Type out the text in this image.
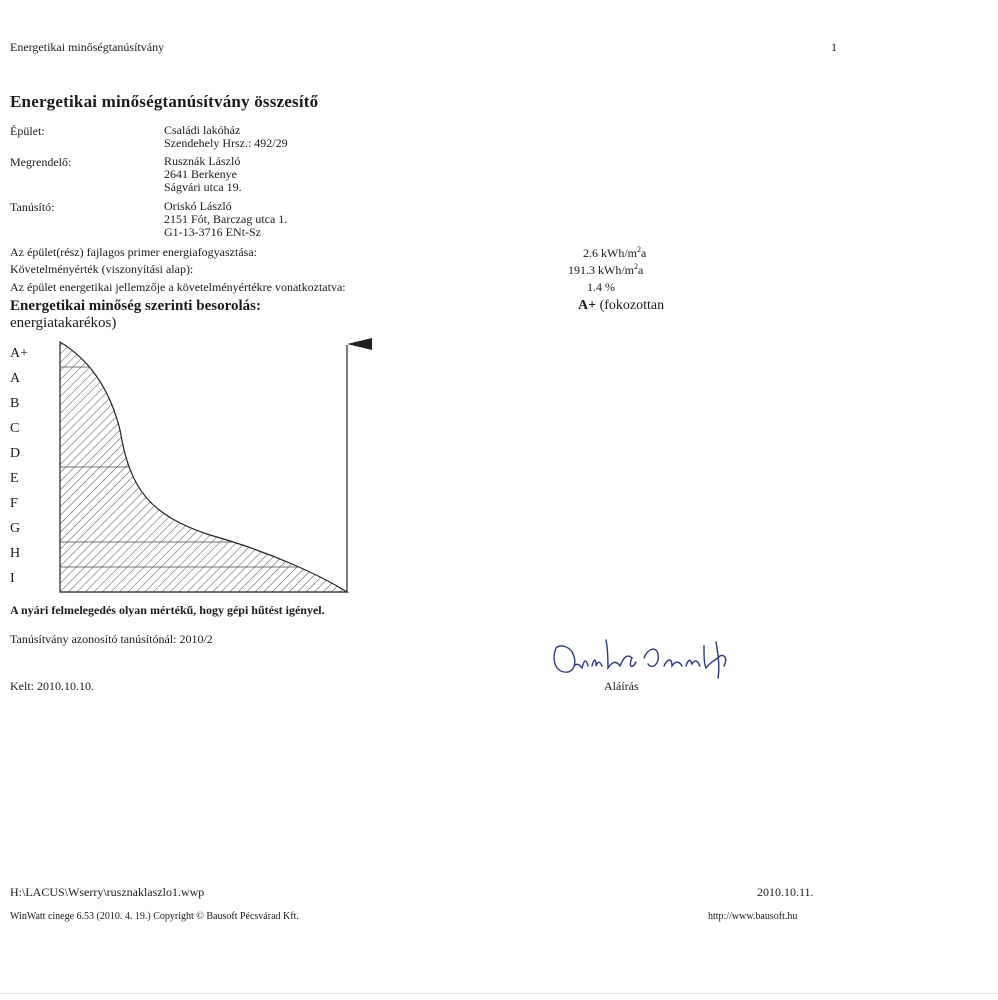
Energetikai minőségtanúsítvány	1
Energetikai minőségtanúsítvány összesítő
Épület:	Családi lakóház
Szendehely Hrsz.: 492/29
Megrendelő:	Rusznák László
2641 Berkenye
Ságvári utca 19.
Tanúsító:	Oriskó László
2151 Fót, Barczag utca 1.
G1-13-3716 ENt-Sz
Az épület(rész) fajlagos primer energiafogyasztása:	2.6 kWh/$m^2a$
Követelményérték (viszonyítási alap):	191.3 kWh/$m^2a$
Az épület energetikai jellemzője a követelményértékre vonatkoztatva:	1.4 %
Energetikai minőség szerinti besorolás:	A+ (fokozottan
energiatakarékos)
A+
A
B
C
D
E
F
G
H
I
A nyári felmelegedés olyan mértékű, hogy gépi hűtést igényel.
Tanúsítvány azonosító tanúsítónál: 2010/2
Kelt: 2010.10.10.	Aláírás
H:\LACUS\Wserry\rusznaklaszlo1.wwp	2010.10.11.
WinWatt cinege 6.53 (2010. 4. 19.) Copyright © Bausoft Pécsvárad Kft.	http://www.bausoft.hu
